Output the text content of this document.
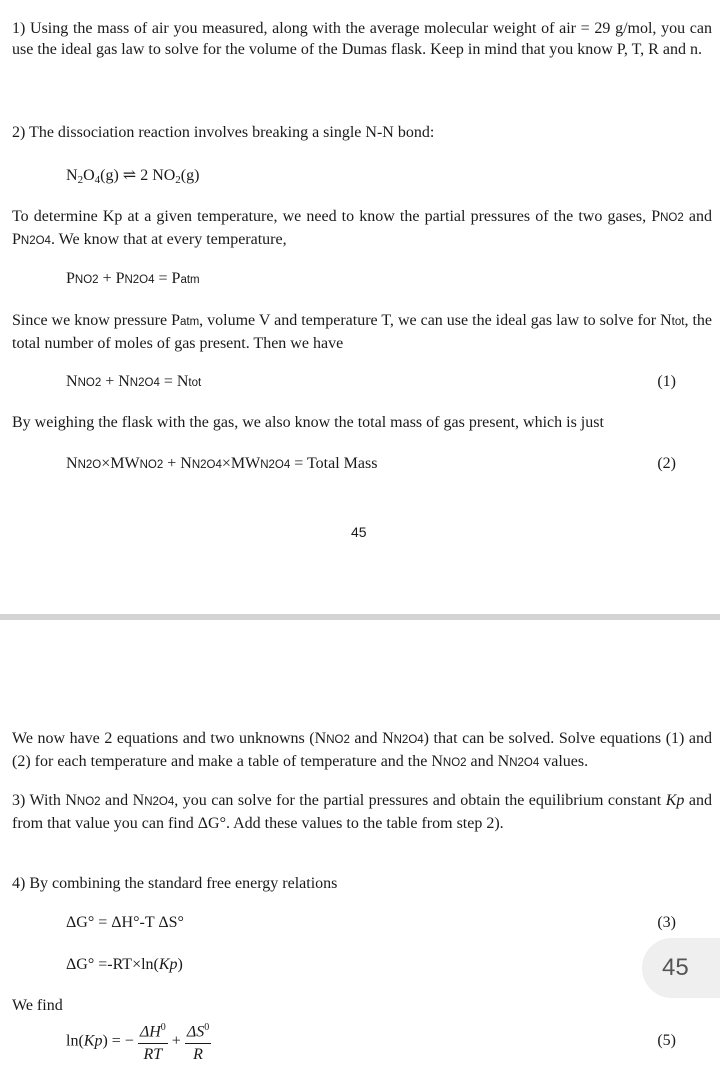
1) Using the mass of air you measured, along with the average molecular weight of air = 29 g/mol, you can use the ideal gas law to solve for the volume of the Dumas flask. Keep in mind that you know P, T, R and n.
2) The dissociation reaction involves breaking a single N-N bond:
N2O4(g) ⇌ 2 NO2(g)
To determine Kp at a given temperature, we need to know the partial pressures of the two gases, PNO2 and PN2O4. We know that at every temperature,
PNO2 + PN2O4 = Patm
Since we know pressure Patm, volume V and temperature T, we can use the ideal gas law to solve for Ntot, the total number of moles of gas present. Then we have
NNO2 + NN2O4 = Ntot	(1)
By weighing the flask with the gas, we also know the total mass of gas present, which is just
NN2O×MWNO2 + NN2O4×MWN2O4 = Total Mass	(2)
45
We now have 2 equations and two unknowns (NNO2 and NN2O4) that can be solved. Solve equations (1) and (2) for each temperature and make a table of temperature and the NNO2 and NN2O4 values.
3) With NNO2 and NN2O4, you can solve for the partial pressures and obtain the equilibrium constant Kp and from that value you can find ΔG°. Add these values to the table from step 2).
4) By combining the standard free energy relations
ΔG° = ΔH°-T ΔS°	(3)
ΔG° =-RT×ln(Kp)	45
We find
ln(Kp) = − $\frac{\Delta H^0}{RT} + \frac{\Delta S^0}{R}$	(5)
